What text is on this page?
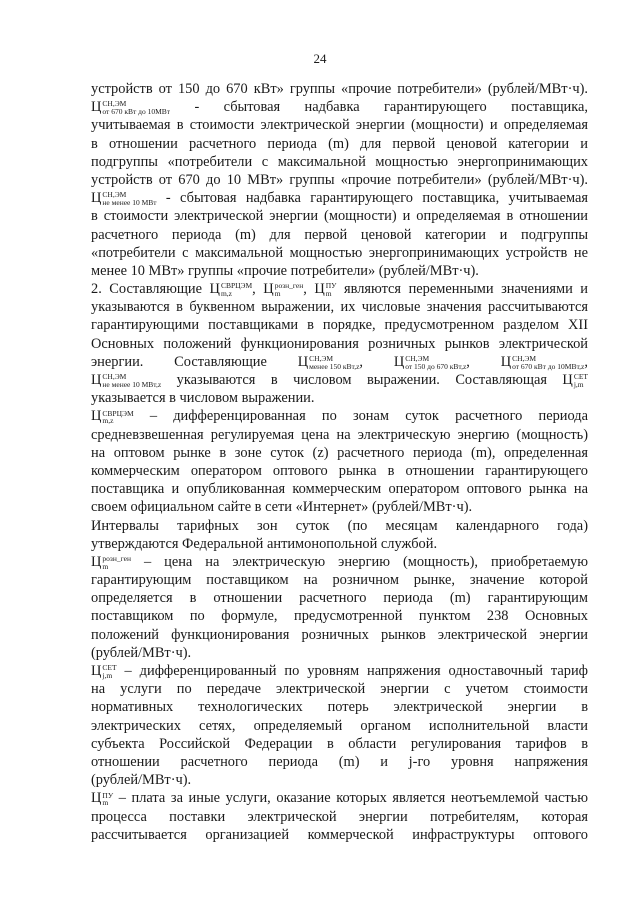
24
устройств от 150 до 670 кВт» группы «прочие потребители» (рублей/МВт·ч).
Ц СН,ЭМ
от 670 кВт до 10МВт - сбытовая надбавка гарантирующего поставщика,
учитываемая в стоимости электрической энергии (мощности) и определяемая
в отношении расчетного периода (m) для первой ценовой категории и
подгруппы «потребители с максимальной мощностью энергопринимающих
устройств от 670 до 10 МВт» группы «прочие потребители» (рублей/МВт·ч).
Ц СН,ЭМ
не менее 10 МВт - сбытовая надбавка гарантирующего поставщика, учитываемая
в стоимости электрической энергии (мощности) и определяемая в отношении
расчетного периода (m) для первой ценовой категории и подгруппы
«потребители с максимальной мощностью энергопринимающих устройств не
менее 10 МВт» группы «прочие потребители» (рублей/МВт·ч).
2. Составляющие Ц СВРЦЭМ
m,z	, Ц розн_ген
m	, Ц ПУ
m являются переменными значениями и
указываются в буквенном выражении, их числовые значения рассчитываются
гарантирующими поставщиками в порядке, предусмотренном разделом XII
Основных положений функционирования розничных рынков электрической
энергии. Составляющие Ц СН,ЭМ
менее 150 кВт,z , Ц СН,ЭМ
от 150 до 670 кВт,z , Ц СН,ЭМ
от 670 кВт до 10МВт,z ,
Ц СН,ЭМ
не менее 10 МВт,z указываются в числовом выражении. Составляющая Ц СЕТ
j,m
указывается в числовом выражении.
Ц СВРЦЭМ
m,z	– дифференцированная по зонам суток расчетного периода
средневзвешенная регулируемая цена на электрическую энергию (мощность)
на оптовом рынке в зоне суток (z) расчетного периода (m), определенная
коммерческим оператором оптового рынка в отношении гарантирующего
поставщика и опубликованная коммерческим оператором оптового рынка на
своем официальном сайте в сети «Интернет» (рублей/МВт·ч).
Интервалы тарифных зон суток (по месяцам календарного года)
утверждаются Федеральной антимонопольной службой.
Ц розн_ген
m	– цена на электрическую энергию (мощность), приобретаемую
гарантирующим поставщиком на розничном рынке, значение которой
определяется в отношении расчетного периода (m) гарантирующим
поставщиком по формуле, предусмотренной пунктом 238 Основных
положений функционирования розничных рынков электрической энергии
(рублей/МВт·ч).
Ц СЕТ
j,m – дифференцированный по уровням напряжения одноставочный тариф
на услуги по передаче электрической энергии с учетом стоимости
нормативных технологических потерь электрической энергии в
электрических сетях, определяемый органом исполнительной власти
субъекта Российской Федерации в области регулирования тарифов в
отношении расчетного периода (m) и j-го уровня напряжения
(рублей/МВт·ч).
Ц ПУ
m – плата за иные услуги, оказание которых является неотъемлемой частью
процесса поставки электрической энергии потребителям, которая
рассчитывается организацией коммерческой инфраструктуры оптового
